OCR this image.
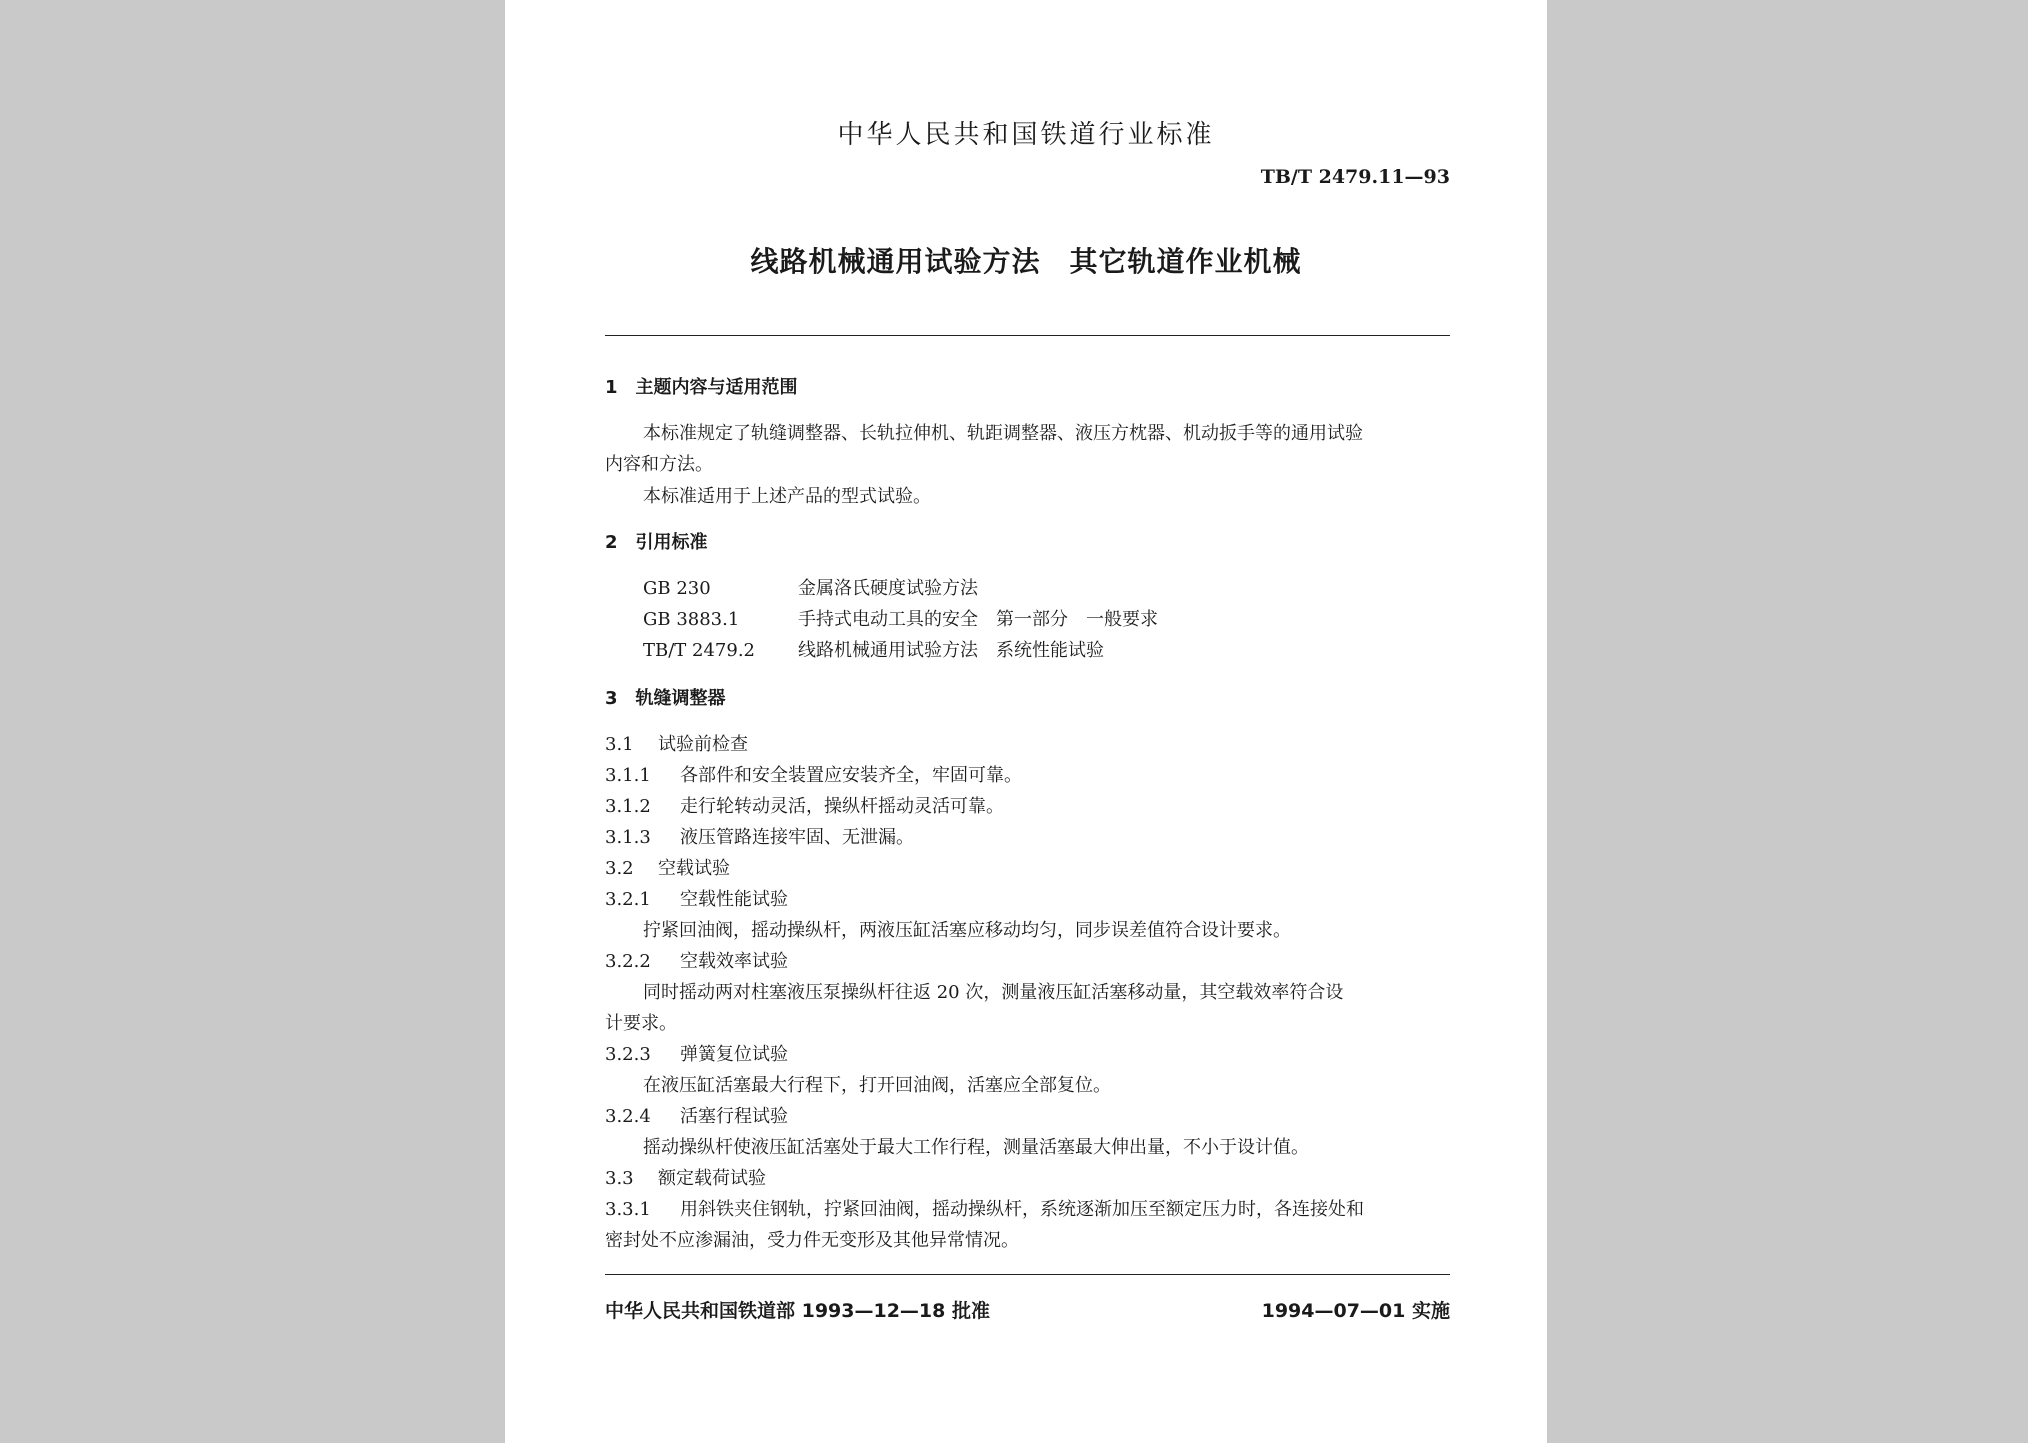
中华人民共和国铁道行业标准
TB/T 2479.11—93
线路机械通用试验方法　其它轨道作业机械
1　主题内容与适用范围
本标准规定了轨缝调整器、长轨拉伸机、轨距调整器、液压方枕器、机动扳手等的通用试验
内容和方法。
本标准适用于上述产品的型式试验。
2　引用标准
GB 230	金属洛氏硬度试验方法
GB 3883.1	手持式电动工具的安全　第一部分　一般要求
TB/T 2479.2 线路机械通用试验方法　系统性能试验
3　轨缝调整器
3.1 试验前检查
3.1.1 各部件和安全装置应安装齐全，牢固可靠。
3.1.2 走行轮转动灵活，操纵杆摇动灵活可靠。
3.1.3 液压管路连接牢固、无泄漏。
3.2 空载试验
3.2.1 空载性能试验
拧紧回油阀，摇动操纵杆，两液压缸活塞应移动均匀，同步误差值符合设计要求。
3.2.2 空载效率试验
同时摇动两对柱塞液压泵操纵杆往返 20 次，测量液压缸活塞移动量，其空载效率符合设
计要求。
3.2.3 弹簧复位试验
在液压缸活塞最大行程下，打开回油阀，活塞应全部复位。
3.2.4 活塞行程试验
摇动操纵杆使液压缸活塞处于最大工作行程，测量活塞最大伸出量，不小于设计值。
3.3 额定载荷试验
3.3.1 用斜铁夹住钢轨，拧紧回油阀，摇动操纵杆，系统逐渐加压至额定压力时，各连接处和
密封处不应渗漏油，受力件无变形及其他异常情况。
中华人民共和国铁道部 1993—12—18 批准	1994—07—01 实施
